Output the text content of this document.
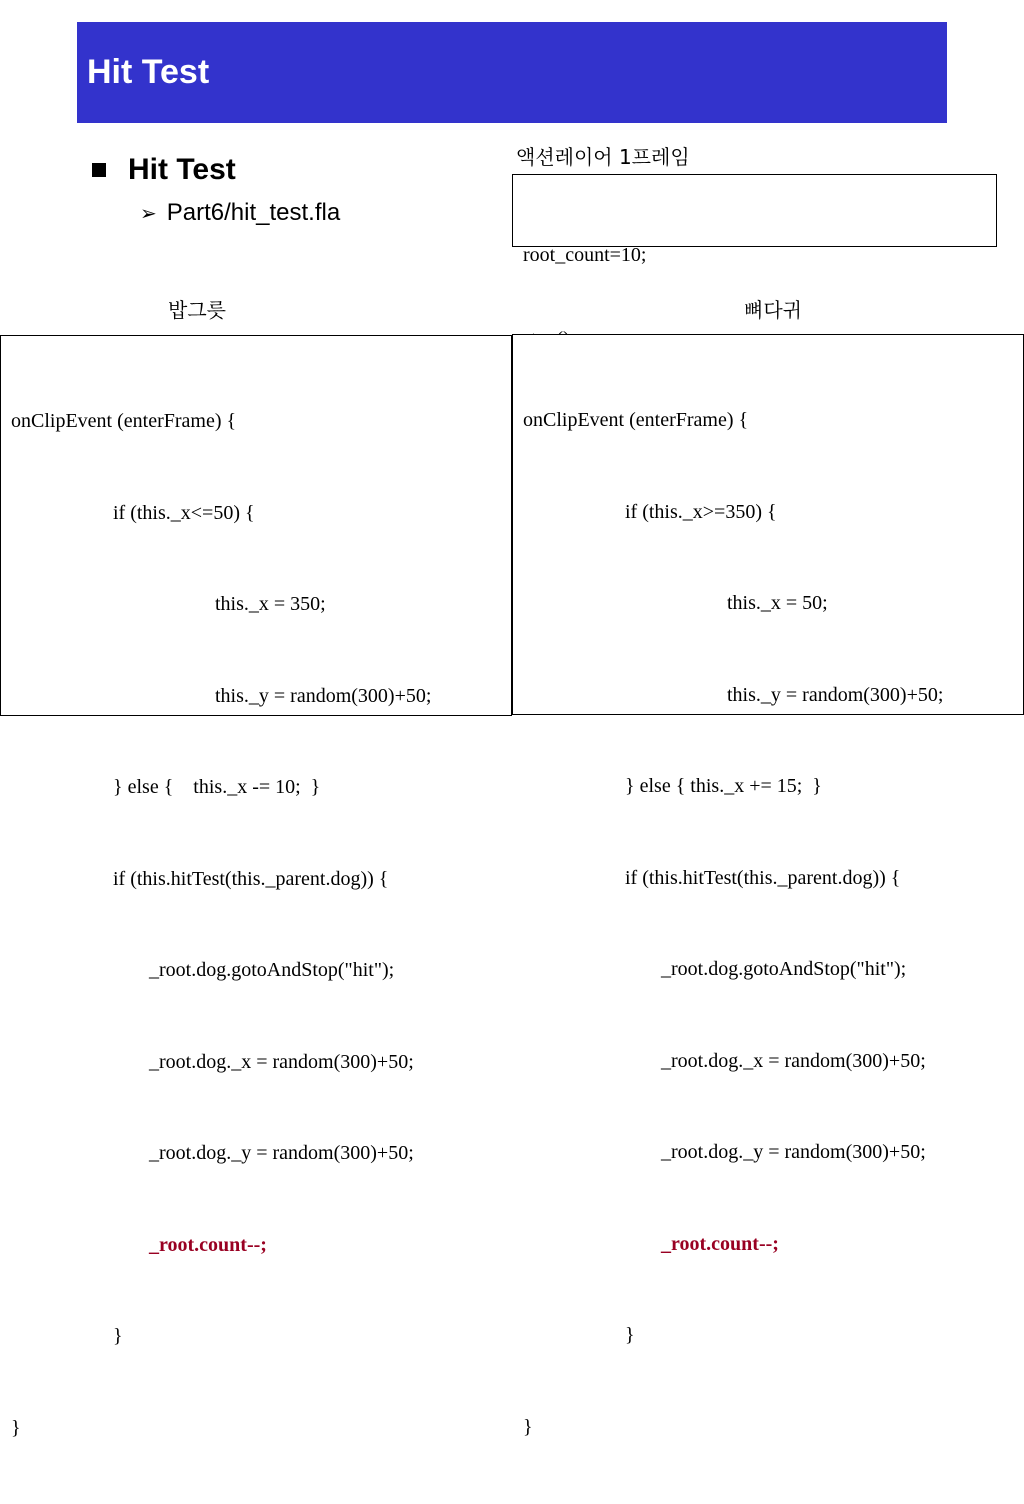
Hit Test
Hit Test
➢ Part6/hit_test.fla
액션레이어 1프레임

root_count=10;

밥그릇	뼈다귀

onClipEvent (enterFrame) {

if (this._x<=50) {

this._x = 350;

this._y = random(300)+50;

} else {    this._x -= 10;  }

if (this.hitTest(this._parent.dog)) {

_root.dog.gotoAndStop("hit");

_root.dog._x = random(300)+50;

_root.dog._y = random(300)+50;

_root.count--;

}

}

onClipEvent (enterFrame) {

if (this._x>=350) {

this._x = 50;

this._y = random(300)+50;

} else { this._x += 15;  }

if (this.hitTest(this._parent.dog)) {

_root.dog.gotoAndStop("hit");

_root.dog._x = random(300)+50;

_root.dog._y = random(300)+50;

_root.count--;

}

}
